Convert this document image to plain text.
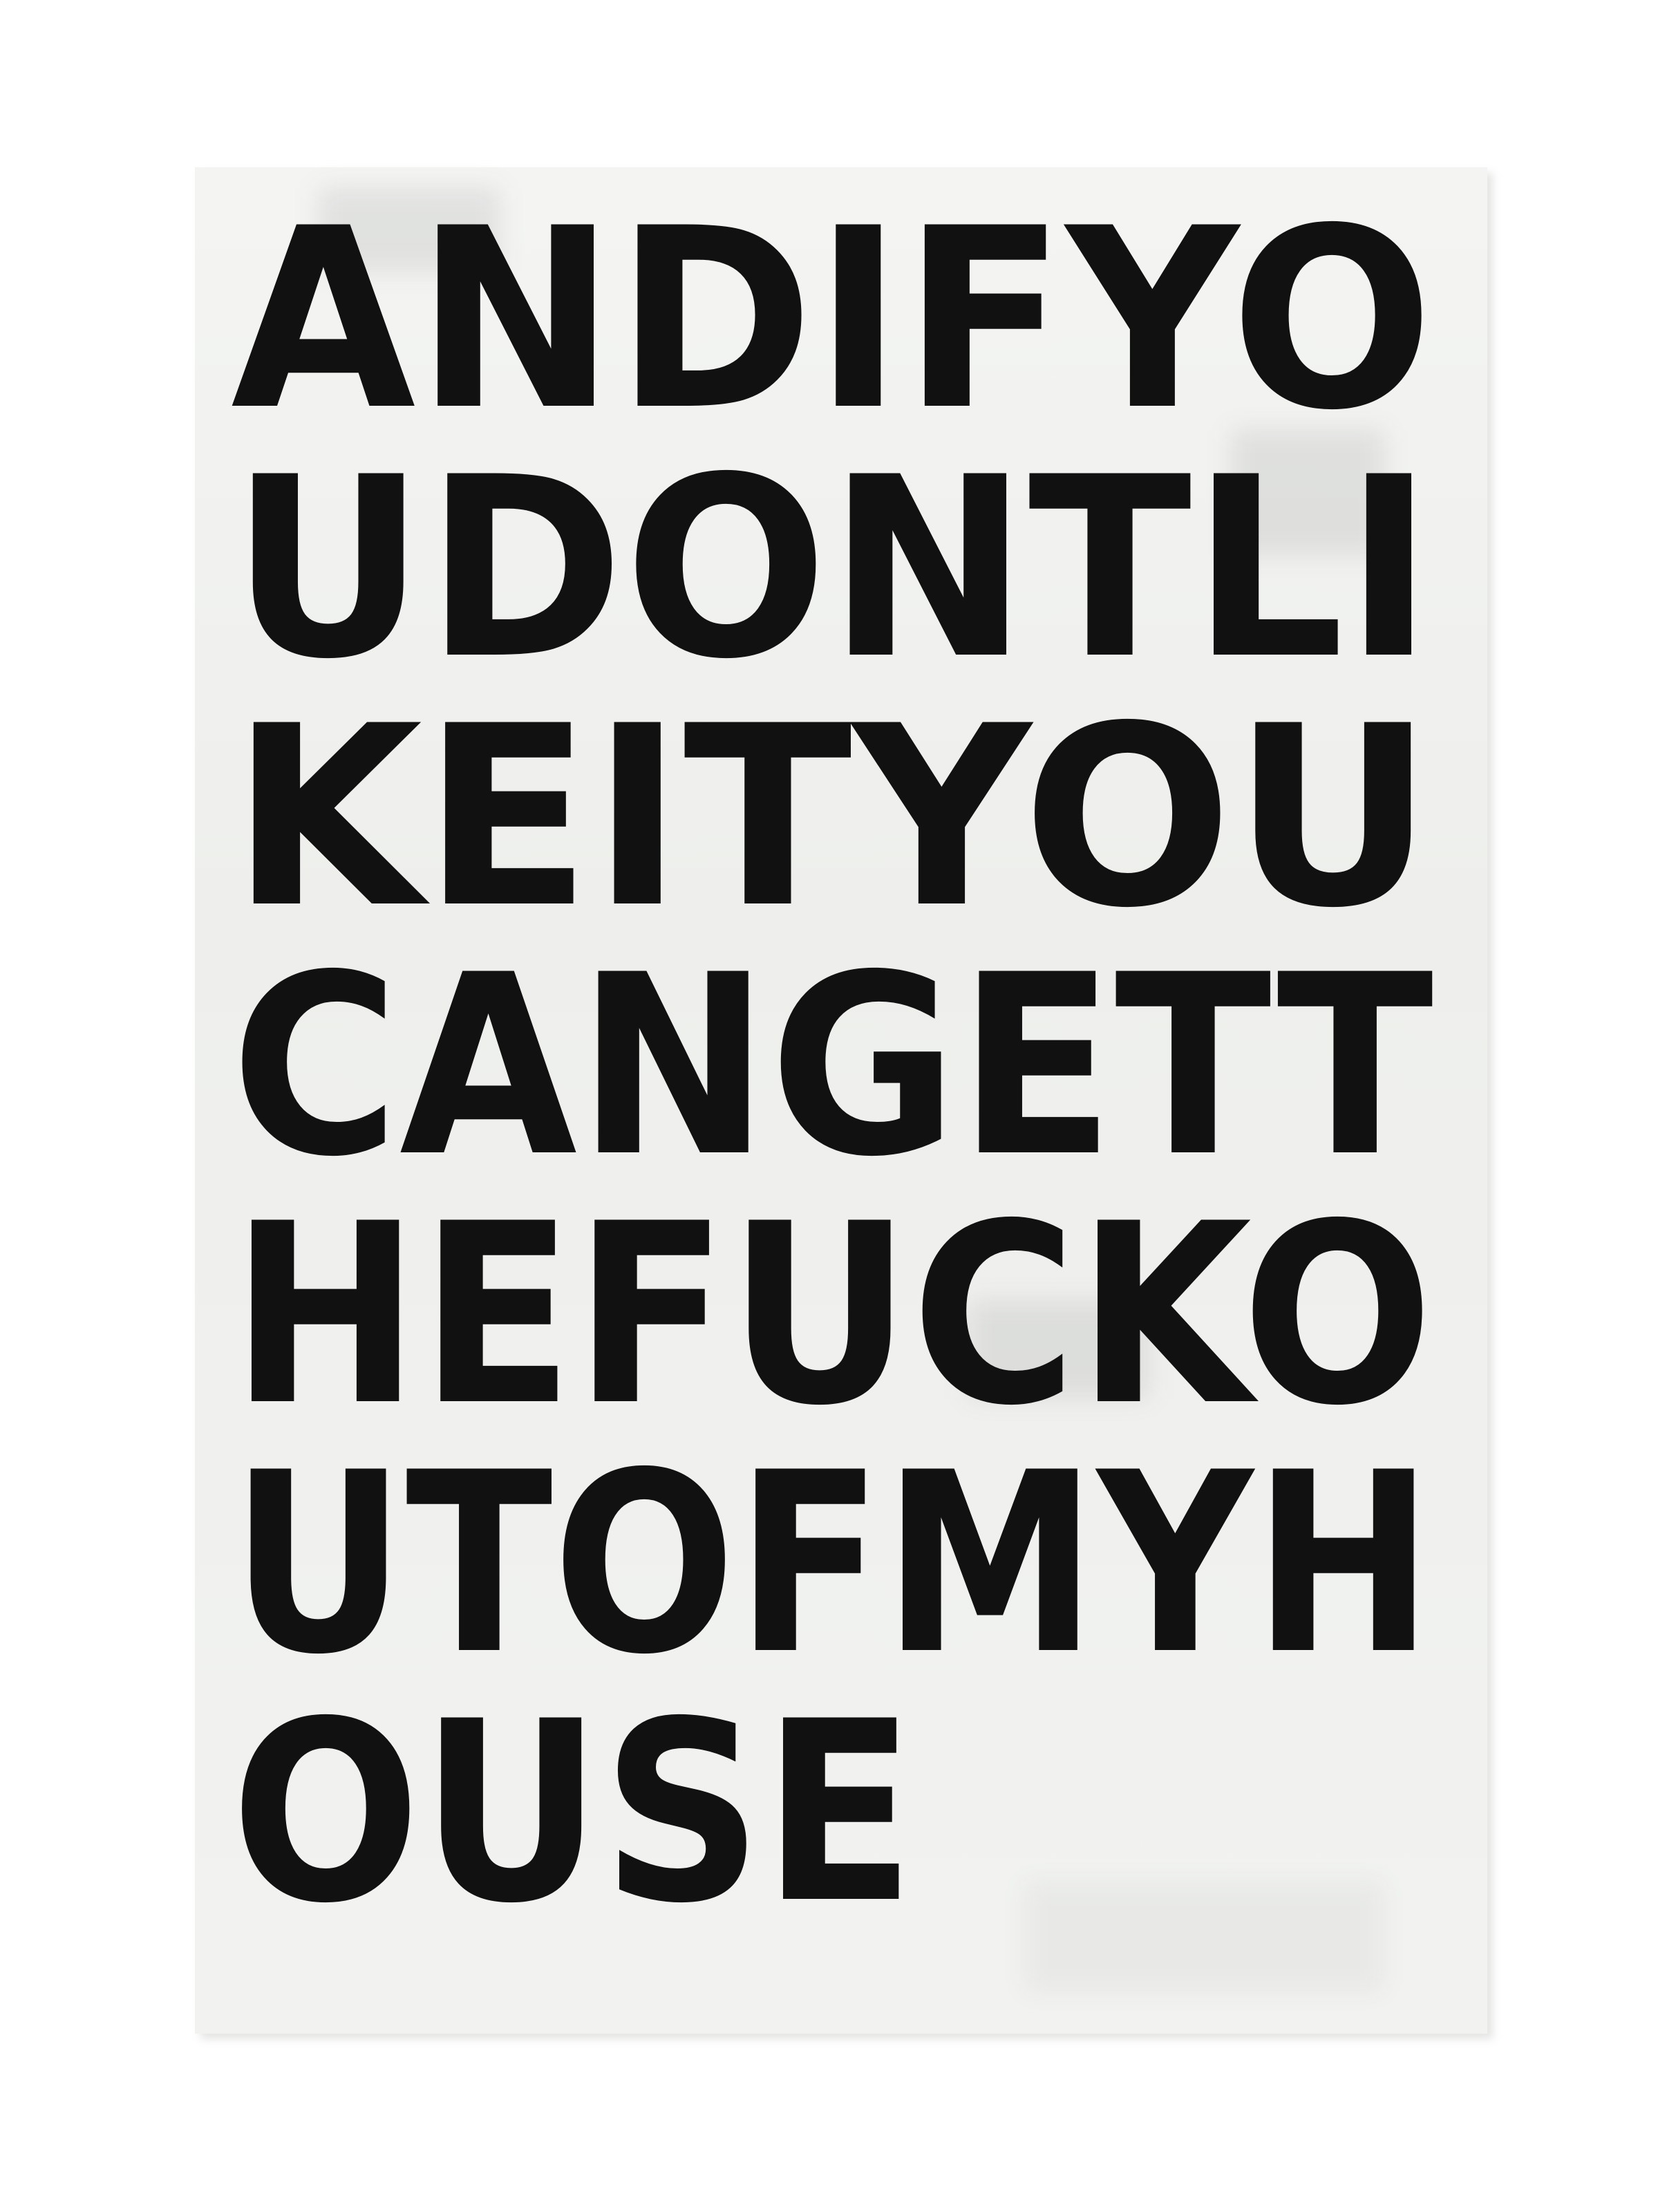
ANDIFYO
UDONTLI
KEITYOU
CANGETT
HEFUCKO
UTOFMYH
OUSE
